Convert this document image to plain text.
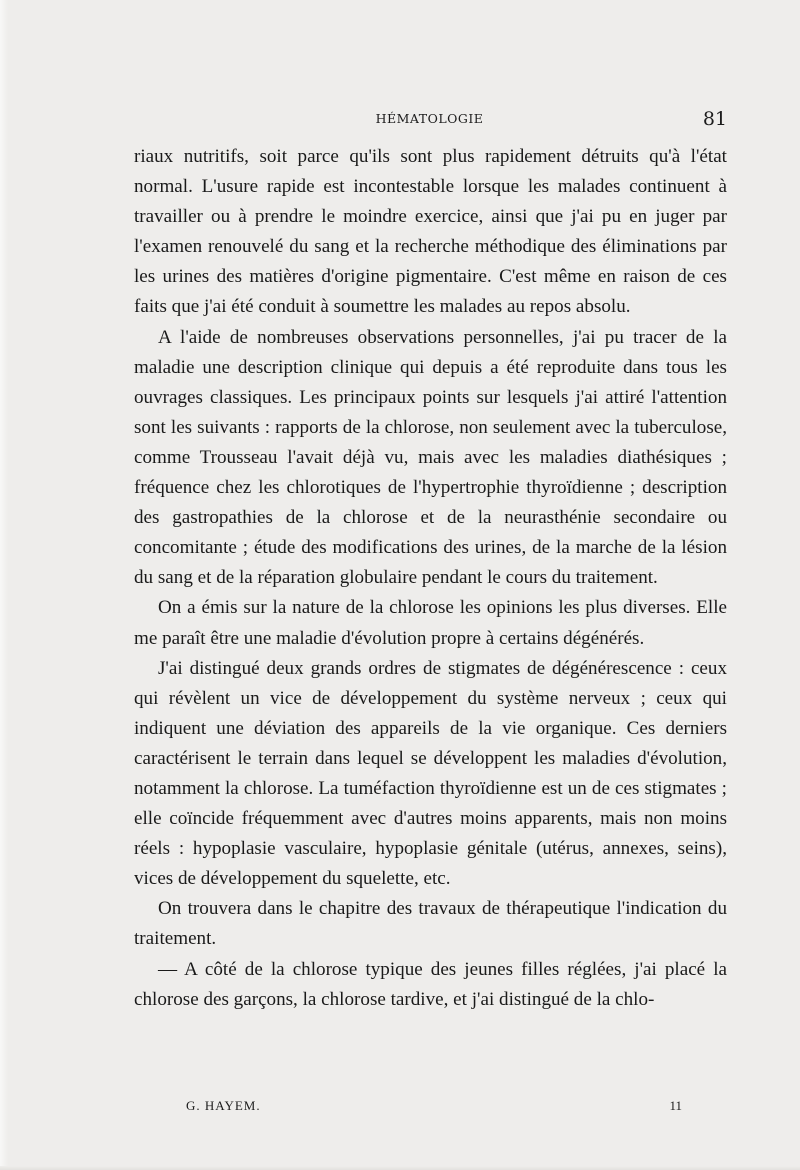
HÉMATOLOGIE	81

riaux nutritifs, soit parce qu'ils sont plus rapidement détruits qu'à l'état normal. L'usure rapide est incontestable lorsque les malades continuent à travailler ou à prendre le moindre exercice, ainsi que j'ai pu en juger par l'examen renouvelé du sang et la recherche méthodique des éliminations par les urines des matières d'origine pigmentaire. C'est même en raison de ces faits que j'ai été conduit à soumettre les malades au repos absolu.

A l'aide de nombreuses observations personnelles, j'ai pu tracer de la maladie une description clinique qui depuis a été reproduite dans tous les ouvrages classiques. Les principaux points sur lesquels j'ai attiré l'attention sont les suivants : rapports de la chlorose, non seulement avec la tuberculose, comme Trousseau l'avait déjà vu, mais avec les maladies diathésiques ; fréquence chez les chlorotiques de l'hypertrophie thyroïdienne ; description des gastropathies de la chlorose et de la neurasthénie secondaire ou concomitante ; étude des modifications des urines, de la marche de la lésion du sang et de la réparation globulaire pendant le cours du traitement.

On a émis sur la nature de la chlorose les opinions les plus diverses. Elle me paraît être une maladie d'évolution propre à certains dégénérés.

J'ai distingué deux grands ordres de stigmates de dégénérescence : ceux qui révèlent un vice de développement du système nerveux ; ceux qui indiquent une déviation des appareils de la vie organique. Ces derniers caractérisent le terrain dans lequel se développent les maladies d'évolution, notamment la chlorose. La tuméfaction thyroïdienne est un de ces stigmates ; elle coïncide fréquemment avec d'autres moins apparents, mais non moins réels : hypoplasie vasculaire, hypoplasie génitale (utérus, annexes, seins), vices de développement du squelette, etc.

On trouvera dans le chapitre des travaux de thérapeutique l'indication du traitement.

— A côté de la chlorose typique des jeunes filles réglées, j'ai placé la chlorose des garçons, la chlorose tardive, et j'ai distingué de la chlo-

G. HAYEM.	11
